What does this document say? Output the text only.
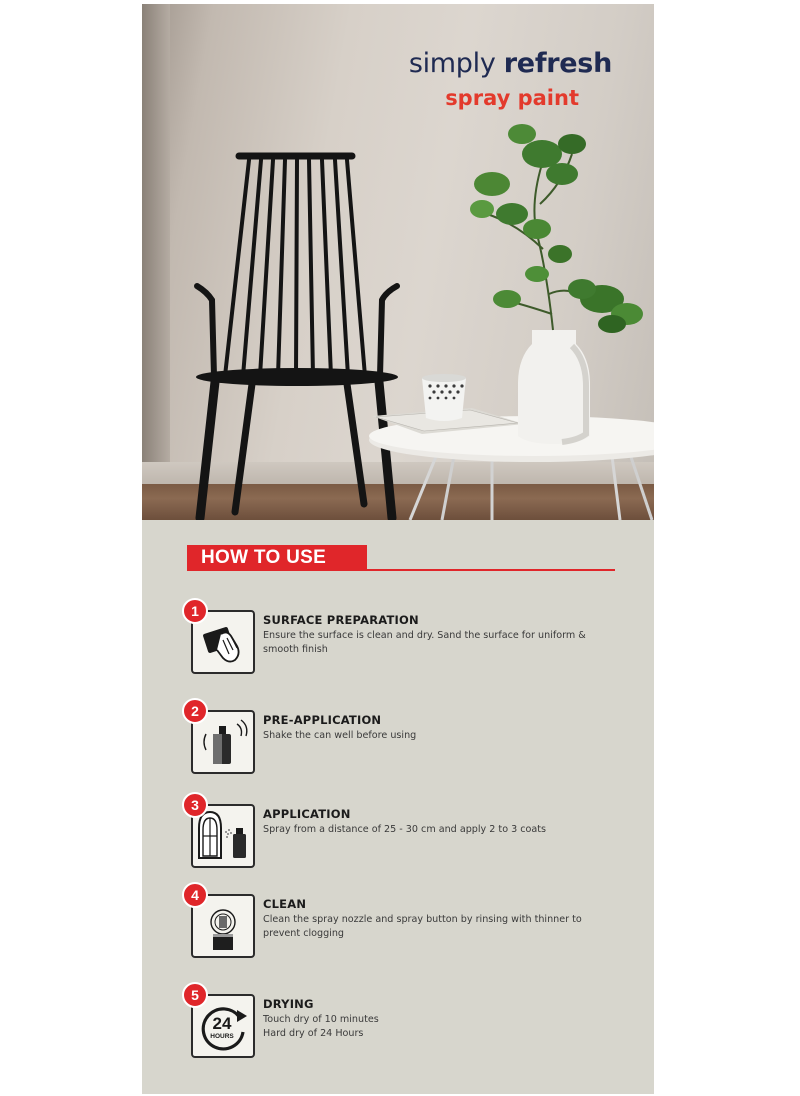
simply refresh
spray paint
HOW TO USE
1
SURFACE PREPARATION
Ensure the surface is clean and dry. Sand the surface for uniform &
smooth finish
2
PRE-APPLICATION
Shake the can well before using
3
APPLICATION
Spray from a distance of 25 - 30 cm and apply 2 to 3 coats
4
CLEAN
Clean the spray nozzle and spray button by rinsing with thinner to
prevent clogging
24
HOURS
5
DRYING
Touch dry of 10 minutes
Hard dry of 24 Hours
